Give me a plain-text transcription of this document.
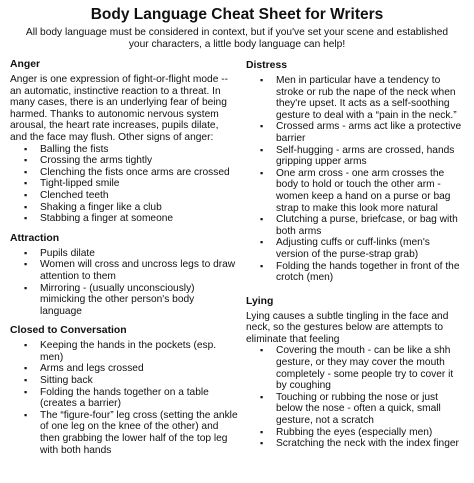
Body Language Cheat Sheet for Writers
All body language must be considered in context, but if you've set your scene and established your characters, a little body language can help!
Anger

Anger is one expression of fight-or-flight mode -- an automatic, instinctive reaction to a threat. In many cases, there is an underlying fear of being harmed. Thanks to autonomic nervous system arousal, the heart rate increases, pupils dilate, and the face may flush. Other signs of anger:

▪ Balling the fists
▪ Crossing the arms tightly
▪ Clenching the fists once arms are crossed
▪ Tight-lipped smile
▪ Clenched teeth
▪ Shaking a finger like a club
▪ Stabbing a finger at someone
Attraction
▪ Pupils dilate
▪ Women will cross and uncross legs to draw attention to them
▪ Mirroring - (usually unconsciously) mimicking the other person's body language
Closed to Conversation
▪ Keeping the hands in the pockets (esp. men)
▪ Arms and legs crossed
▪ Sitting back
▪ Folding the hands together on a table (creates a barrier)
▪ The “figure-four” leg cross (setting the ankle of one leg on the knee of the other) and then grabbing the lower half of the top leg with both hands
Distress
▪ Men in particular have a tendency to stroke or rub the nape of the neck when they're upset. It acts as a self-soothing gesture to deal with a “pain in the neck.”
▪ Crossed arms - arms act like a protective barrier
▪ Self-hugging - arms are crossed, hands gripping upper arms
▪ One arm cross - one arm crosses the body to hold or touch the other arm - women keep a hand on a purse or bag strap to make this look more natural
▪ Clutching a purse, briefcase, or bag with both arms
▪ Adjusting cuffs or cuff-links (men's version of the purse-strap grab)
▪ Folding the hands together in front of the crotch (men)
Lying

Lying causes a subtle tingling in the face and neck, so the gestures below are attempts to eliminate that feeling

▪ Covering the mouth - can be like a shh gesture, or they may cover the mouth completely - some people try to cover it by coughing
▪ Touching or rubbing the nose or just below the nose - often a quick, small gesture, not a scratch
▪ Rubbing the eyes (especially men)
▪ Scratching the neck with the index finger
